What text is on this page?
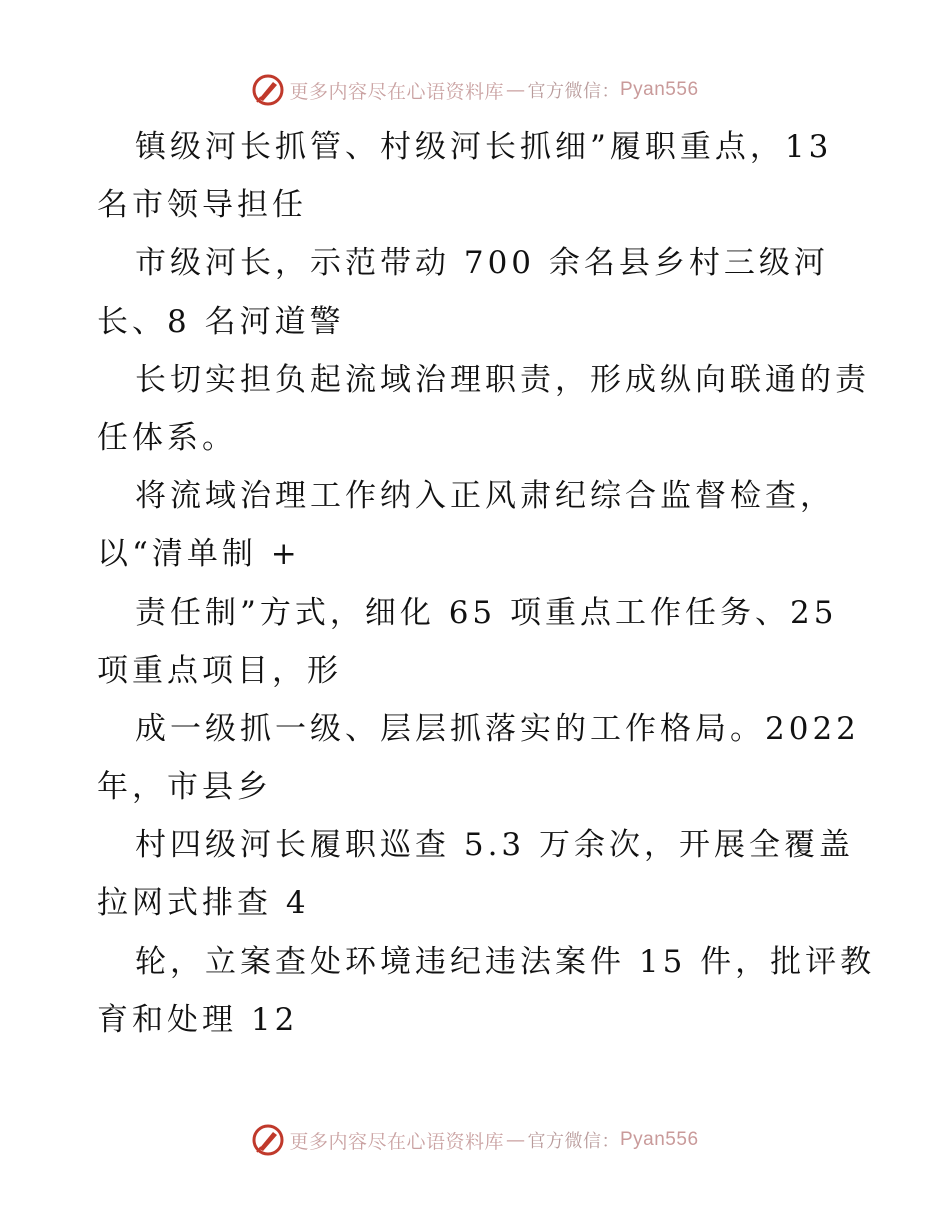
更多内容尽在心语资料库 — 官方微信： Pyan556
镇级河长抓管、村级河长抓细”履职重点，13
名市领导担任
市级河长，示范带动 700 余名县乡村三级河
长、8 名河道警
长切实担负起流域治理职责，形成纵向联通的责
任体系。
将流域治理工作纳入正风肃纪综合监督检查，
以“清单制 +
责任制”方式，细化 65 项重点工作任务、25
项重点项目，形
成一级抓一级、层层抓落实的工作格局。2022
年，市县乡
村四级河长履职巡查 5.3 万余次，开展全覆盖
拉网式排查 4
轮，立案查处环境违纪违法案件 15 件，批评教
育和处理 12
更多内容尽在心语资料库 — 官方微信： Pyan556
